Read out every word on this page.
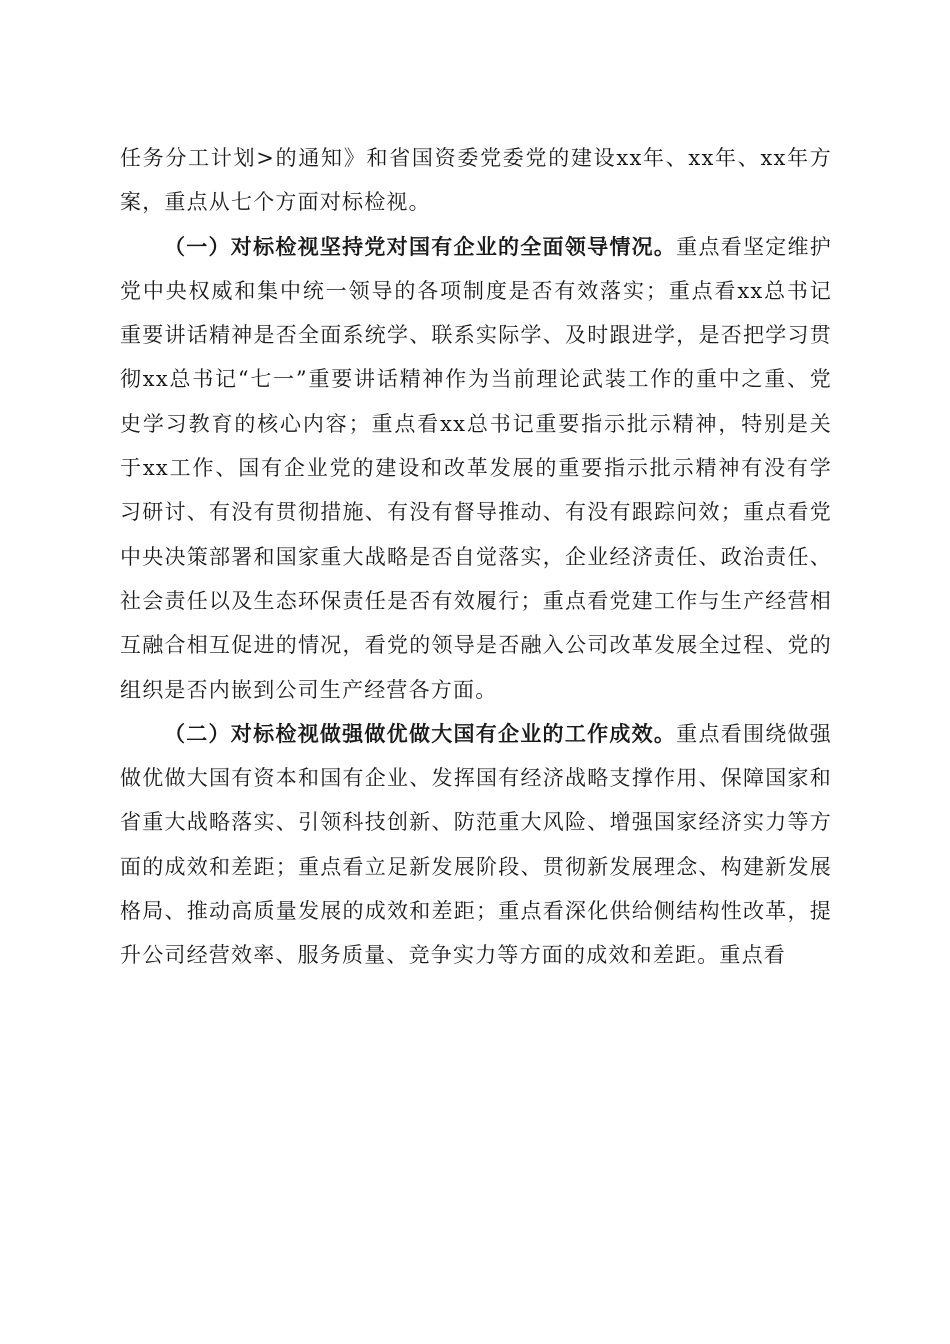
任务分工计划>的通知》和省国资委党委党的建设xx年、xx年、xx年方案，重点从七个方面对标检视。

（一）对标检视坚持党对国有企业的全面领导情况。重点看坚定维护党中央权威和集中统一领导的各项制度是否有效落实；重点看xx总书记重要讲话精神是否全面系统学、联系实际学、及时跟进学，是否把学习贯彻xx总书记“七一”重要讲话精神作为当前理论武装工作的重中之重、党史学习教育的核心内容；重点看xx总书记重要指示批示精神，特别是关于xx工作、国有企业党的建设和改革发展的重要指示批示精神有没有学习研讨、有没有贯彻措施、有没有督导推动、有没有跟踪问效；重点看党中央决策部署和国家重大战略是否自觉落实，企业经济责任、政治责任、社会责任以及生态环保责任是否有效履行；重点看党建工作与生产经营相互融合相互促进的情况，看党的领导是否融入公司改革发展全过程、党的组织是否内嵌到公司生产经营各方面。

（二）对标检视做强做优做大国有企业的工作成效。重点看围绕做强做优做大国有资本和国有企业、发挥国有经济战略支撑作用、保障国家和省重大战略落实、引领科技创新、防范重大风险、增强国家经济实力等方面的成效和差距；重点看立足新发展阶段、贯彻新发展理念、构建新发展格局、推动高质量发展的成效和差距；重点看深化供给侧结构性改革，提升公司经营效率、服务质量、竞争实力等方面的成效和差距。重点看
